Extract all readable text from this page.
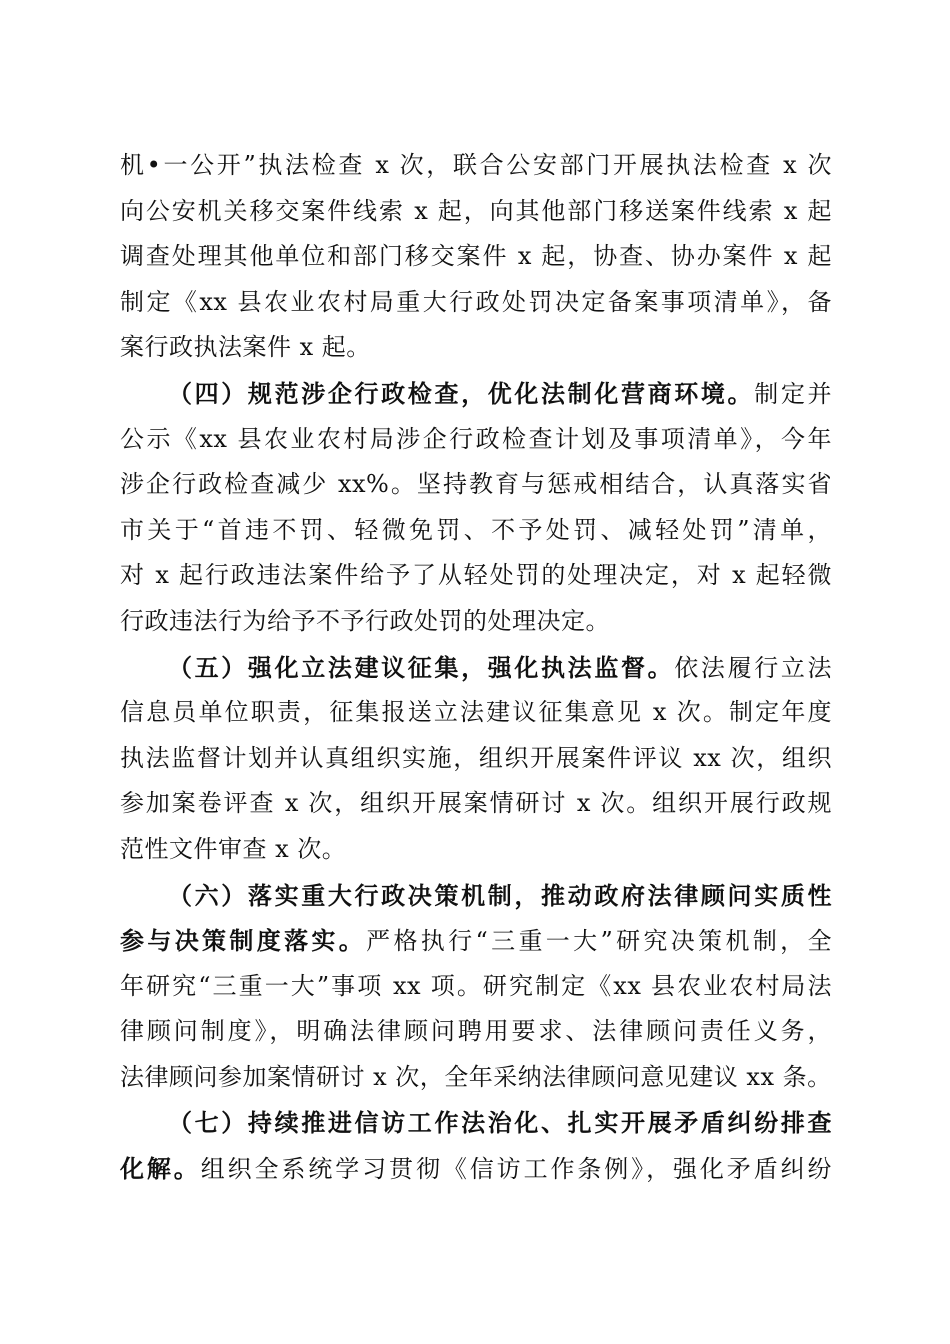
机•一公开”执法检查 x 次，联合公安部门开展执法检查 x 次
向公安机关移交案件线索 x 起，向其他部门移送案件线索 x 起
调查处理其他单位和部门移交案件 x 起，协查、协办案件 x 起
制定《xx 县农业农村局重大行政处罚决定备案事项清单》，备
案行政执法案件 x 起。
（四）规范涉企行政检查，优化法制化营商环境。制定并
公示《xx 县农业农村局涉企行政检查计划及事项清单》，今年
涉企行政检查减少 xx%。坚持教育与惩戒相结合，认真落实省
市关于“首违不罚、轻微免罚、不予处罚、减轻处罚”清单，
对 x 起行政违法案件给予了从轻处罚的处理决定，对 x 起轻微
行政违法行为给予不予行政处罚的处理决定。
（五）强化立法建议征集，强化执法监督。依法履行立法
信息员单位职责，征集报送立法建议征集意见 x 次。制定年度
执法监督计划并认真组织实施，组织开展案件评议 xx 次，组织
参加案卷评查 x 次，组织开展案情研讨 x 次。组织开展行政规
范性文件审查 x 次。
（六）落实重大行政决策机制，推动政府法律顾问实质性
参与决策制度落实。严格执行“三重一大”研究决策机制，全
年研究“三重一大”事项 xx 项。研究制定《xx 县农业农村局法
律顾问制度》，明确法律顾问聘用要求、法律顾问责任义务，
法律顾问参加案情研讨 x 次，全年采纳法律顾问意见建议 xx 条。
（七）持续推进信访工作法治化、扎实开展矛盾纠纷排查
化解。组织全系统学习贯彻《信访工作条例》，强化矛盾纠纷
